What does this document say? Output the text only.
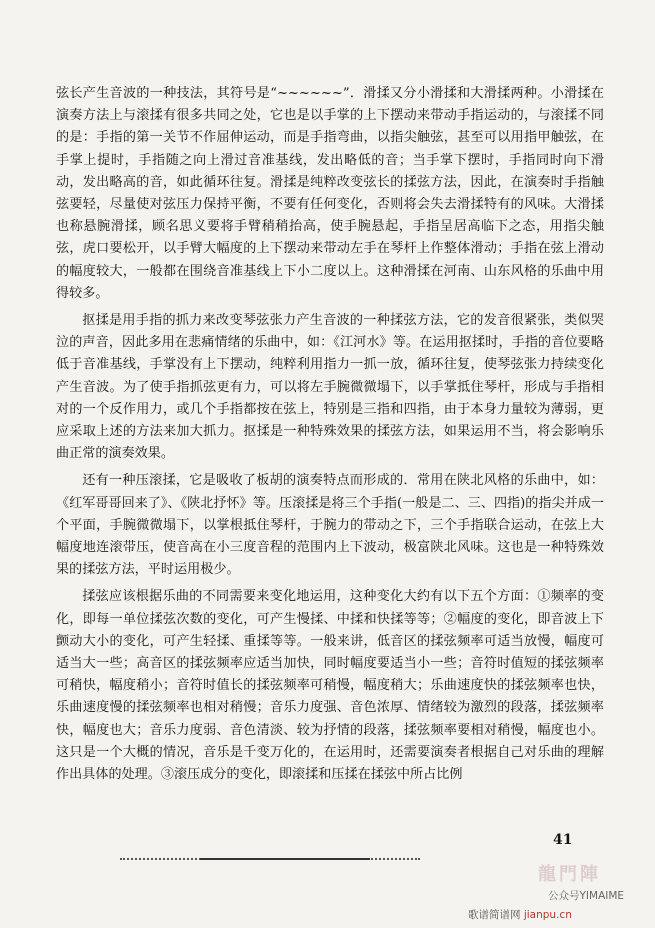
弦长产生音波的一种技法，其符号是“~~~~~~”．滑揉又分小滑揉和大滑揉两种。小滑揉在演奏方法上与滚揉有很多共同之处，它也是以手掌的上下摆动来带动手指运动的，与滚揉不同的是：手指的第一关节不作屈伸运动，而是手指弯曲，以指尖触弦，甚至可以用指甲触弦，在手掌上提时，手指随之向上滑过音准基线，发出略低的音；当手掌下摆时，手指同时向下滑动，发出略高的音，如此循环往复。滑揉是纯粹改变弦长的揉弦方法，因此，在演奏时手指触弦要轻，尽量使对弦压力保持平衡，不要有任何变化，否则将会失去滑揉特有的风味。大滑揉也称悬腕滑揉，顾名思义要将手臂稍稍抬高，使手腕悬起，手指呈居高临下之态，用指尖触弦，虎口要松开，以手臂大幅度的上下摆动来带动左手在琴杆上作整体滑动；手指在弦上滑动的幅度较大，一般都在围绕音准基线上下小二度以上。这种滑揉在河南、山东风格的乐曲中用得较多。

抠揉是用手指的抓力来改变琴弦张力产生音波的一种揉弦方法，它的发音很紧张，类似哭泣的声音，因此多用在悲痛情绪的乐曲中，如：《江河水》等。在运用抠揉时，手指的音位要略低于音准基线，手掌没有上下摆动，纯粹利用指力一抓一放，循环往复，使琴弦张力持续变化产生音波。为了使手指抓弦更有力，可以将左手腕微微塌下，以手掌抵住琴杆，形成与手指相对的一个反作用力，或几个手指都按在弦上，特别是三指和四指，由于本身力量较为薄弱，更应采取上述的方法来加大抓力。抠揉是一种特殊效果的揉弦方法，如果运用不当，将会影响乐曲正常的演奏效果。

还有一种压滚揉，它是吸收了板胡的演奏特点而形成的．常用在陕北风格的乐曲中，如：《红军哥哥回来了》、《陕北抒怀》等。压滚揉是将三个手指(一般是二、三、四指)的指尖并成一个平面，手腕微微塌下，以掌根抵住琴杆，于腕力的带动之下，三个手指联合运动，在弦上大幅度地连滚带压，使音高在小三度音程的范围内上下波动，极富陕北风味。这也是一种特殊效果的揉弦方法，平时运用极少。

揉弦应该根据乐曲的不同需要来变化地运用，这种变化大约有以下五个方面：①频率的变化，即每一单位揉弦次数的变化，可产生慢揉、中揉和快揉等等；②幅度的变化，即音波上下颤动大小的变化，可产生轻揉、重揉等等。一般来讲，低音区的揉弦频率可适当放慢，幅度可适当大一些；高音区的揉弦频率应适当加快，同时幅度要适当小一些；音符时值短的揉弦频率可稍快，幅度稍小；音符时值长的揉弦频率可稍慢，幅度稍大；乐曲速度快的揉弦频率也快，乐曲速度慢的揉弦频率也相对稍慢；音乐力度强、音色浓厚、情绪较为激烈的段落，揉弦频率快，幅度也大；音乐力度弱、音色清淡、较为抒情的段落，揉弦频率要相对稍慢，幅度也小。这只是一个大概的情况，音乐是千变万化的，在运用时，还需要演奏者根据自己对乐曲的理解作出具体的处理。③滚压成分的变化，即滚揉和压揉在揉弦中所占比例

41
龍門陣
公众号YIMAIME
歌谱简谱网 jianpu.cn
